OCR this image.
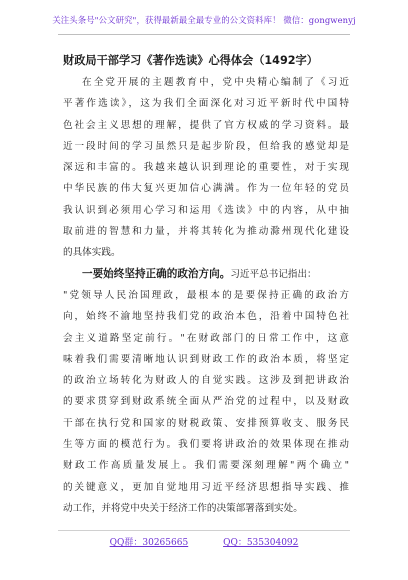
关注头条号"公文研究"，获得最新最全最专业的公文资料库！ 微信：gongwenyj
财政局干部学习《著作选读》心得体会（1492字）
在全党开展的主题教育中，党中央精心编制了《习近
平著作选读》，这为我们全面深化对习近平新时代中国特
色社会主义思想的理解，提供了官方权威的学习资料。最
近一段时间的学习虽然只是起步阶段，但给我的感觉却是
深远和丰富的。我越来越认识到理论的重要性，对于实现
中华民族的伟大复兴更加信心满满。作为一位年轻的党员
我认识到必须用心学习和运用《选读》中的内容，从中抽
取前进的智慧和力量，并将其转化为推动滁州现代化建设
的具体实践。
一要始终坚持正确的政治方向。习近平总书记指出：
"党领导人民治国理政，最根本的是要保持正确的政治方
向，始终不渝地坚持我们党的政治本色，沿着中国特色社
会主义道路坚定前行。"在财政部门的日常工作中，这意
味着我们需要清晰地认识到财政工作的政治本质，将坚定
的政治立场转化为财政人的自觉实践。这涉及到把讲政治
的要求贯穿到财政系统全面从严治党的过程中，以及财政
干部在执行党和国家的财税政策、安排预算收支、服务民
生等方面的模范行为。我们要将讲政治的效果体现在推动
财政工作高质量发展上。我们需要深刻理解"两个确立"
的关键意义，更加自觉地用习近平经济思想指导实践、推
动工作，并将党中央关于经济工作的决策部署落到实处。
QQ群：30265665	QQ：535304092
